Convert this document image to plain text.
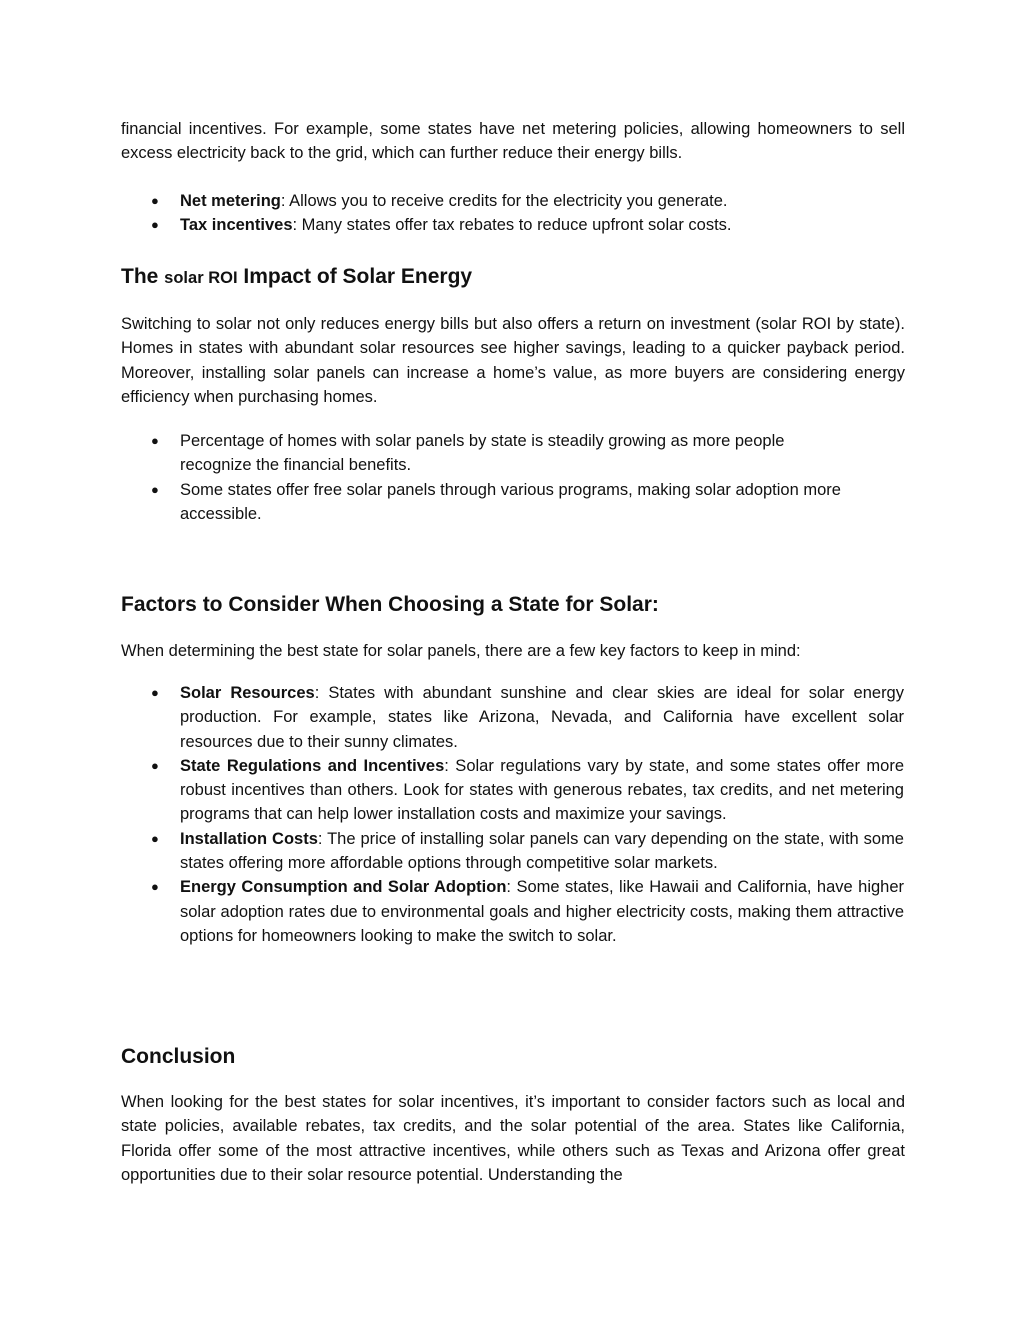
financial incentives. For example, some states have net metering policies, allowing homeowners to sell excess electricity back to the grid, which can further reduce their energy bills.

● Net metering: Allows you to receive credits for the electricity you generate.
● Tax incentives: Many states offer tax rebates to reduce upfront solar costs.
The solar ROI Impact of Solar Energy

Switching to solar not only reduces energy bills but also offers a return on investment (solar ROI by state). Homes in states with abundant solar resources see higher savings, leading to a quicker payback period. Moreover, installing solar panels can increase a home’s value, as more buyers are considering energy efficiency when purchasing homes.

● Percentage of homes with solar panels by state is steadily growing as more people recognize the financial benefits.
● Some states offer free solar panels through various programs, making solar adoption more accessible.
Factors to Consider When Choosing a State for Solar:

When determining the best state for solar panels, there are a few key factors to keep in mind:

● Solar Resources: States with abundant sunshine and clear skies are ideal for solar energy production. For example, states like Arizona, Nevada, and California have excellent solar resources due to their sunny climates.
● State Regulations and Incentives: Solar regulations vary by state, and some states offer more robust incentives than others. Look for states with generous rebates, tax credits, and net metering programs that can help lower installation costs and maximize your savings.
● Installation Costs: The price of installing solar panels can vary depending on the state, with some states offering more affordable options through competitive solar markets.
● Energy Consumption and Solar Adoption: Some states, like Hawaii and California, have higher solar adoption rates due to environmental goals and higher electricity costs, making them attractive options for homeowners looking to make the switch to solar.
Conclusion

When looking for the best states for solar incentives, it’s important to consider factors such as local and state policies, available rebates, tax credits, and the solar potential of the area. States like California, Florida offer some of the most attractive incentives, while others such as Texas and Arizona offer great opportunities due to their solar resource potential. Understanding the
